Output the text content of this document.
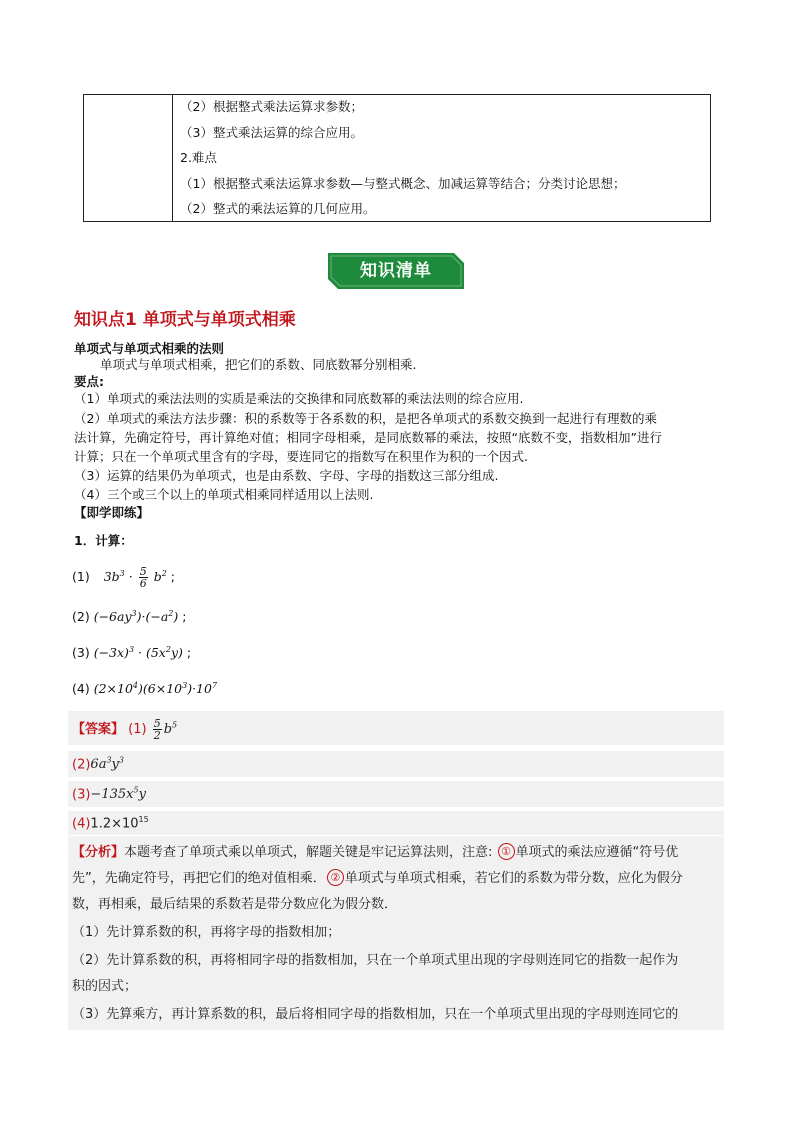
（2）根据整式乘法运算求参数；
（3）整式乘法运算的综合应用。
2.难点
（1）根据整式乘法运算求参数—与整式概念、加减运算等结合；分类讨论思想；
（2）整式的乘法运算的几何应用。
知识清单
知识点1 单项式与单项式相乘
单项式与单项式相乘的法则
单项式与单项式相乘，把它们的系数、同底数幂分别相乘.
要点:
（1）单项式的乘法法则的实质是乘法的交换律和同底数幂的乘法法则的综合应用.
（2）单项式的乘法方法步骤：积的系数等于各系数的积，是把各单项式的系数交换到一起进行有理数的乘
法计算，先确定符号，再计算绝对值；相同字母相乘，是同底数幂的乘法，按照“底数不变，指数相加”进行
计算；只在一个单项式里含有的字母，要连同它的指数写在积里作为积的一个因式.
（3）运算的结果仍为单项式，也是由系数、字母、字母的指数这三部分组成.
（4）三个或三个以上的单项式相乘同样适用以上法则.
【即学即练】
1．计算：
(1) $3b^3 \cdot \frac{5}{6} b^2$ ;
(2) $(-6ay^3)\cdot(-a^2)$ ;
(3) $(-3x)^3 \cdot (5x^2y)$ ;
(4) $(2\times 10^4)(6\times 10^3)\cdot 10^7$
【答案】 $(1) \frac{5}{2} b^5$
$(2)6a^3y^3$
$(3)-135x^5y$
$(4)1.2\times 10^{15}$
【分析】本题考查了单项式乘以单项式，解题关键是牢记运算法则，注意: ① 单项式的乘法应遵循“符号优
先”，先确定符号，再把它们的绝对值相乘． ② 单项式与单项式相乘，若它们的系数为带分数，应化为假分
数，再相乘，最后结果的系数若是带分数应化为假分数．
（1）先计算系数的积，再将字母的指数相加；
（2）先计算系数的积，再将相同字母的指数相加，只在一个单项式里出现的字母则连同它的指数一起作为
积的因式；
（3）先算乘方，再计算系数的积，最后将相同字母的指数相加，只在一个单项式里出现的字母则连同它的
